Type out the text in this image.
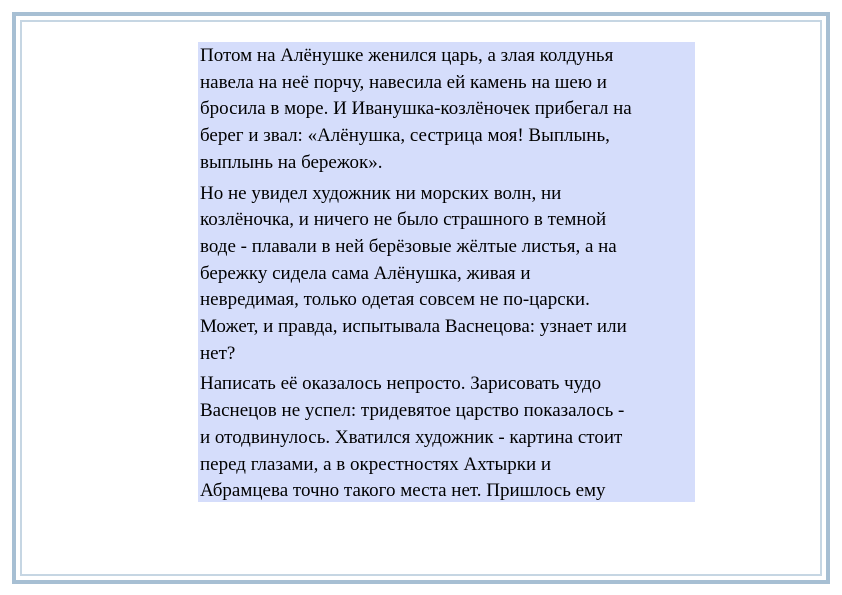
Потом на Алёнушке женился царь, а злая колдунья
навела на неё порчу, навесила ей камень на шею и
бросила в море. И Иванушка-козлёночек прибегал на
берег и звал: «Алёнушка, сестрица моя! Выплынь,
выплынь на бережок».

Но не увидел художник ни морских волн, ни
козлёночка, и ничего не было страшного в темной
воде - плавали в ней берёзовые жёлтые листья, а на
бережку сидела сама Алёнушка, живая и
невредимая, только одетая совсем не по-царски.
Может, и правда, испытывала Васнецова: узнает или
нет?

Написать её оказалось непросто. Зарисовать чудо
Васнецов не успел: тридевятое царство показалось -
и отодвинулось. Хватился художник - картина стоит
перед глазами, а в окрестностях Ахтырки и
Абрамцева точно такого места нет. Пришлось ему
